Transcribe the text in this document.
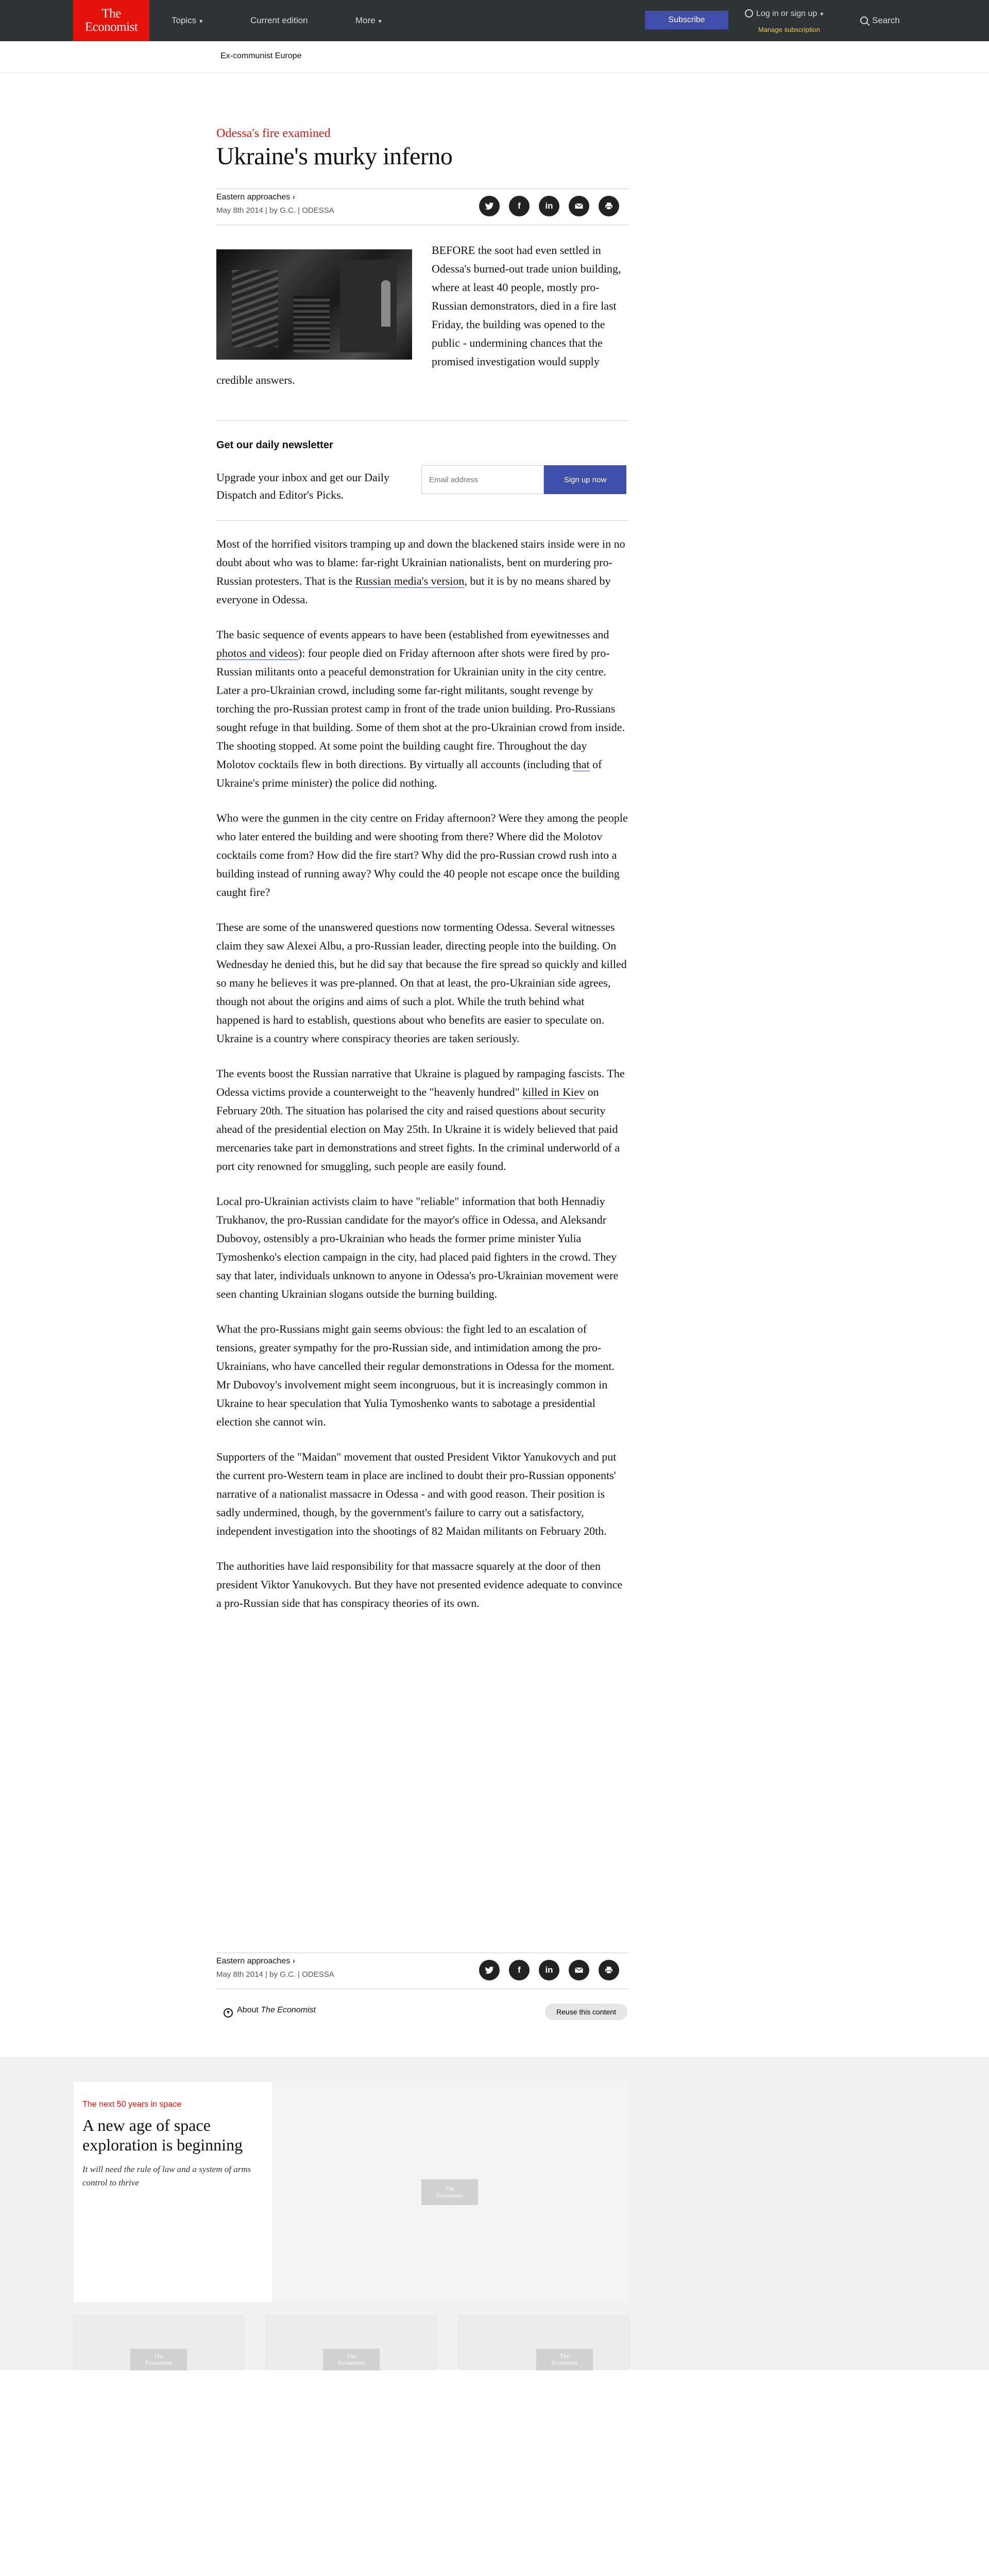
The
Economist	Topics ▾	Current edition	More ▾	Subscribe
Log in or sign up ▾
Manage subscription
Search
Ex-communist Europe
Odessa's fire examined
Ukraine's murky inferno
Eastern approaches ›
May 8th 2014 | by G.C. | ODESSA	f	in
BEFORE the soot had even settled in Odessa's burned-out trade union building, where at least 40 people, mostly pro-Russian demonstrators, died in a fire last Friday, the building was opened to the public - undermining chances that the promised investigation would supply credible answers.
Get our daily newsletter
Upgrade your inbox and get our Daily Dispatch and Editor's Picks.
Email address
Sign up now

Most of the horrified visitors tramping up and down the blackened stairs inside were in no doubt about who was to blame: far-right Ukrainian nationalists, bent on murdering pro-Russian protesters. That is the Russian media's version, but it is by no means shared by everyone in Odessa.

The basic sequence of events appears to have been (established from eyewitnesses and photos and videos): four people died on Friday afternoon after shots were fired by pro-Russian militants onto a peaceful demonstration for Ukrainian unity in the city centre. Later a pro-Ukrainian crowd, including some far-right militants, sought revenge by torching the pro-Russian protest camp in front of the trade union building. Pro-Russians sought refuge in that building. Some of them shot at the pro-Ukrainian crowd from inside. The shooting stopped. At some point the building caught fire. Throughout the day Molotov cocktails flew in both directions. By virtually all accounts (including that of Ukraine's prime minister) the police did nothing.

Who were the gunmen in the city centre on Friday afternoon? Were they among the people who later entered the building and were shooting from there? Where did the Molotov cocktails come from? How did the fire start? Why did the pro-Russian crowd rush into a building instead of running away? Why could the 40 people not escape once the building caught fire?

These are some of the unanswered questions now tormenting Odessa. Several witnesses claim they saw Alexei Albu, a pro-Russian leader, directing people into the building. On Wednesday he denied this, but he did say that because the fire spread so quickly and killed so many he believes it was pre-planned. On that at least, the pro-Ukrainian side agrees, though not about the origins and aims of such a plot. While the truth behind what happened is hard to establish, questions about who benefits are easier to speculate on. Ukraine is a country where conspiracy theories are taken seriously.

The events boost the Russian narrative that Ukraine is plagued by rampaging fascists. The Odessa victims provide a counterweight to the "heavenly hundred" killed in Kiev on February 20th. The situation has polarised the city and raised questions about security ahead of the presidential election on May 25th. In Ukraine it is widely believed that paid mercenaries take part in demonstrations and street fights. In the criminal underworld of a port city renowned for smuggling, such people are easily found.

Local pro-Ukrainian activists claim to have "reliable" information that both Hennadiy Trukhanov, the pro-Russian candidate for the mayor's office in Odessa, and Aleksandr Dubovoy, ostensibly a pro-Ukrainian who heads the former prime minister Yulia Tymoshenko's election campaign in the city, had placed paid fighters in the crowd. They say that later, individuals unknown to anyone in Odessa's pro-Ukrainian movement were seen chanting Ukrainian slogans outside the burning building.

What the pro-Russians might gain seems obvious: the fight led to an escalation of tensions, greater sympathy for the pro-Russian side, and intimidation among the pro-Ukrainians, who have cancelled their regular demonstrations in Odessa for the moment. Mr Dubovoy's involvement might seem incongruous, but it is increasingly common in Ukraine to hear speculation that Yulia Tymoshenko wants to sabotage a presidential election she cannot win.

Supporters of the "Maidan" movement that ousted President Viktor Yanukovych and put the current pro-Western team in place are inclined to doubt their pro-Russian opponents' narrative of a nationalist massacre in Odessa - and with good reason. Their position is sadly undermined, though, by the government's failure to carry out a satisfactory, independent investigation into the shootings of 82 Maidan militants on February 20th.

The authorities have laid responsibility for that massacre squarely at the door of then president Viktor Yanukovych. But they have not presented evidence adequate to convince a pro-Russian side that has conspiracy theories of its own.

Eastern approaches ›
May 8th 2014 | by G.C. | ODESSA	f	in
▼ About The Economist	Reuse this content
The next 50 years in space
A new age of space exploration is beginning
It will need the rule of law and a system of arms control to thrive
The
Economist
The
Economist
The
Economist
The
Economist
